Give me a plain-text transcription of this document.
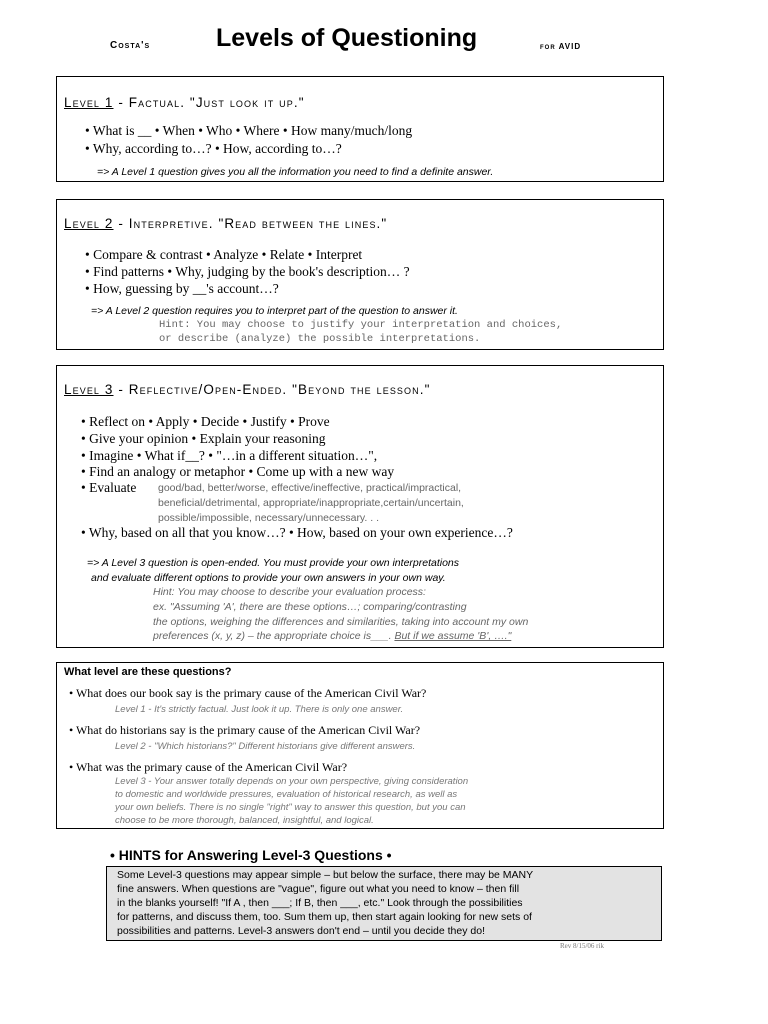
Costa's	Levels of Questioning	for AVID
Level 1 - Factual. "Just look it up."
• What is __ • When • Who • Where • How many/much/long
• Why, according to…? • How, according to…?
=> A Level 1 question gives you all the information you need to find a definite answer.
Level 2 - Interpretive. "Read between the lines."
• Compare & contrast • Analyze • Relate • Interpret
• Find patterns • Why, judging by the book's description… ?
• How, guessing by __'s account…?
=> A Level 2 question requires you to interpret part of the question to answer it.
Hint: You may choose to justify your interpretation and choices,
or describe (analyze) the possible interpretations.
Level 3 - Reflective/Open-Ended. "Beyond the lesson."
• Reflect on • Apply • Decide • Justify • Prove
• Give your opinion • Explain your reasoning
• Imagine • What if__? • "…in a different situation…",
• Find an analogy or metaphor • Come up with a new way
• Evaluate good/bad, better/worse, effective/ineffective, practical/impractical,
beneficial/detrimental, appropriate/inappropriate,certain/uncertain,
possible/impossible, necessary/unnecessary. . .
• Why, based on all that you know…? • How, based on your own experience…?
=> A Level 3 question is open-ended. You must provide your own interpretations
and evaluate different options to provide your own answers in your own way.
Hint: You may choose to describe your evaluation process:
ex. "Assuming 'A', there are these options…; comparing/contrasting
the options, weighing the differences and similarities, taking into account my own
preferences (x, y, z) – the appropriate choice is___. But if we assume 'B', …."
What level are these questions?
• What does our book say is the primary cause of the American Civil War?
Level 1 - It's strictly factual. Just look it up. There is only one answer.
• What do historians say is the primary cause of the American Civil War?
Level 2 - "Which historians?" Different historians give different answers.
• What was the primary cause of the American Civil War?
Level 3 - Your answer totally depends on your own perspective, giving consideration
to domestic and worldwide pressures, evaluation of historical research, as well as
your own beliefs. There is no single "right" way to answer this question, but you can
choose to be more thorough, balanced, insightful, and logical.
• HINTS for Answering Level-3 Questions •
Some Level-3 questions may appear simple – but below the surface, there may be MANY
fine answers. When questions are "vague", figure out what you need to know – then fill
in the blanks yourself! "If A , then ___; If B, then ___, etc." Look through the possibilities
for patterns, and discuss them, too. Sum them up, then start again looking for new sets of
possibilities and patterns. Level-3 answers don't end – until you decide they do!
Rev 8/15/06 rik
